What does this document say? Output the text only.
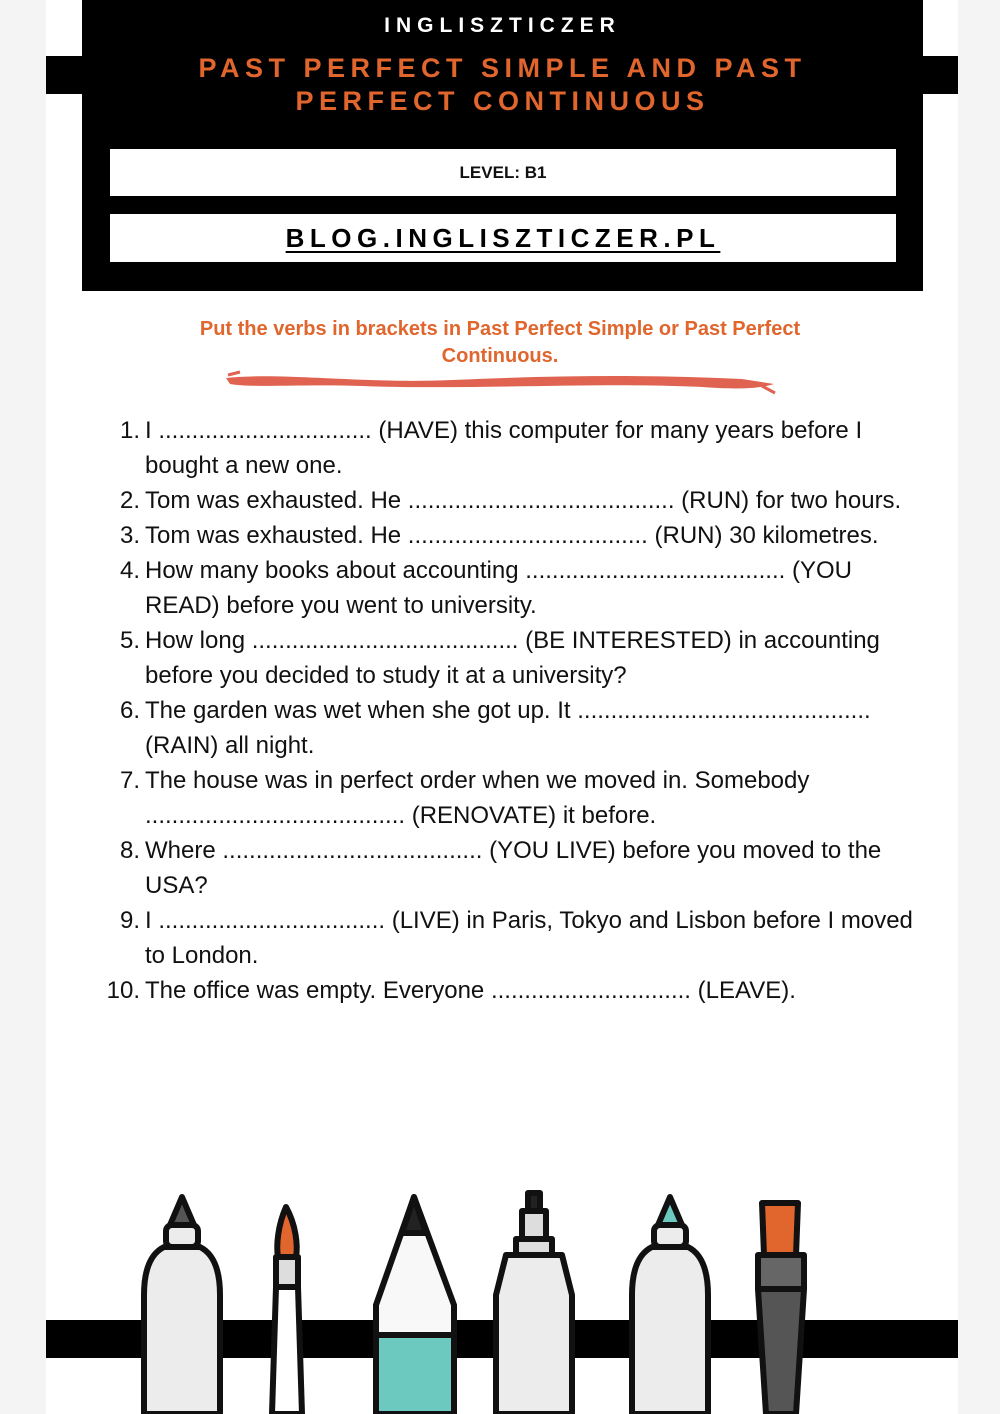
INGLISZTICZER
PAST PERFECT SIMPLE AND PAST
PERFECT CONTINUOUS
LEVEL: B1
BLOG.INGLISZTICZER.PL
Put the verbs in brackets in Past Perfect Simple or Past Perfect
Continuous.
1. I ................................ (HAVE) this computer for many years before I bought a new one.
2. Tom was exhausted. He ........................................ (RUN) for two hours.
3. Tom was exhausted. He .................................... (RUN) 30 kilometres.
4. How many books about accounting ....................................... (YOU READ) before you went to university.
5. How long ........................................ (BE INTERESTED) in accounting before you decided to study it at a university?
6. The garden was wet when she got up. It ............................................ (RAIN) all night.
7. The house was in perfect order when we moved in. Somebody ....................................... (RENOVATE) it before.
8. Where ....................................... (YOU LIVE) before you moved to the USA?
9. I .................................. (LIVE) in Paris, Tokyo and Lisbon before I moved to London.
10. The office was empty. Everyone .............................. (LEAVE).
